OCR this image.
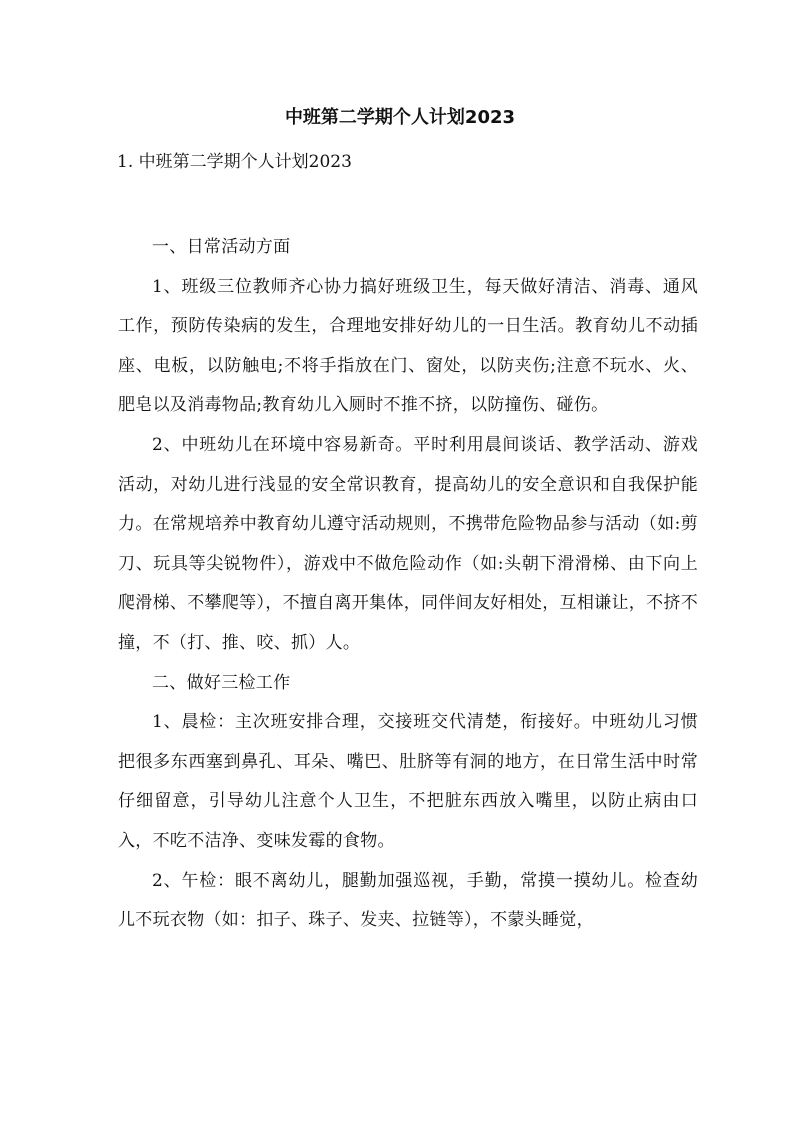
中班第二学期个人计划2023

1. 中班第二学期个人计划2023

一、日常活动方面

1、班级三位教师齐心协力搞好班级卫生，每天做好清洁、消毒、通风工作，预防传染病的发生，合理地安排好幼儿的一日生活。教育幼儿不动插座、电板，以防触电;不将手指放在门、窗处，以防夹伤;注意不玩水、火、肥皂以及消毒物品;教育幼儿入厕时不推不挤，以防撞伤、碰伤。

2、中班幼儿在环境中容易新奇。平时利用晨间谈话、教学活动、游戏活动，对幼儿进行浅显的安全常识教育，提高幼儿的安全意识和自我保护能力。在常规培养中教育幼儿遵守活动规则，不携带危险物品参与活动（如:剪刀、玩具等尖锐物件），游戏中不做危险动作（如:头朝下滑滑梯、由下向上爬滑梯、不攀爬等），不擅自离开集体，同伴间友好相处，互相谦让，不挤不撞，不（打、推、咬、抓）人。

二、做好三检工作

1、晨检：主次班安排合理，交接班交代清楚，衔接好。中班幼儿习惯把很多东西塞到鼻孔、耳朵、嘴巴、肚脐等有洞的地方，在日常生活中时常仔细留意，引导幼儿注意个人卫生，不把脏东西放入嘴里，以防止病由口入，不吃不洁净、变味发霉的食物。

2、午检：眼不离幼儿，腿勤加强巡视，手勤，常摸一摸幼儿。检查幼儿不玩衣物（如：扣子、珠子、发夹、拉链等），不蒙头睡觉，
